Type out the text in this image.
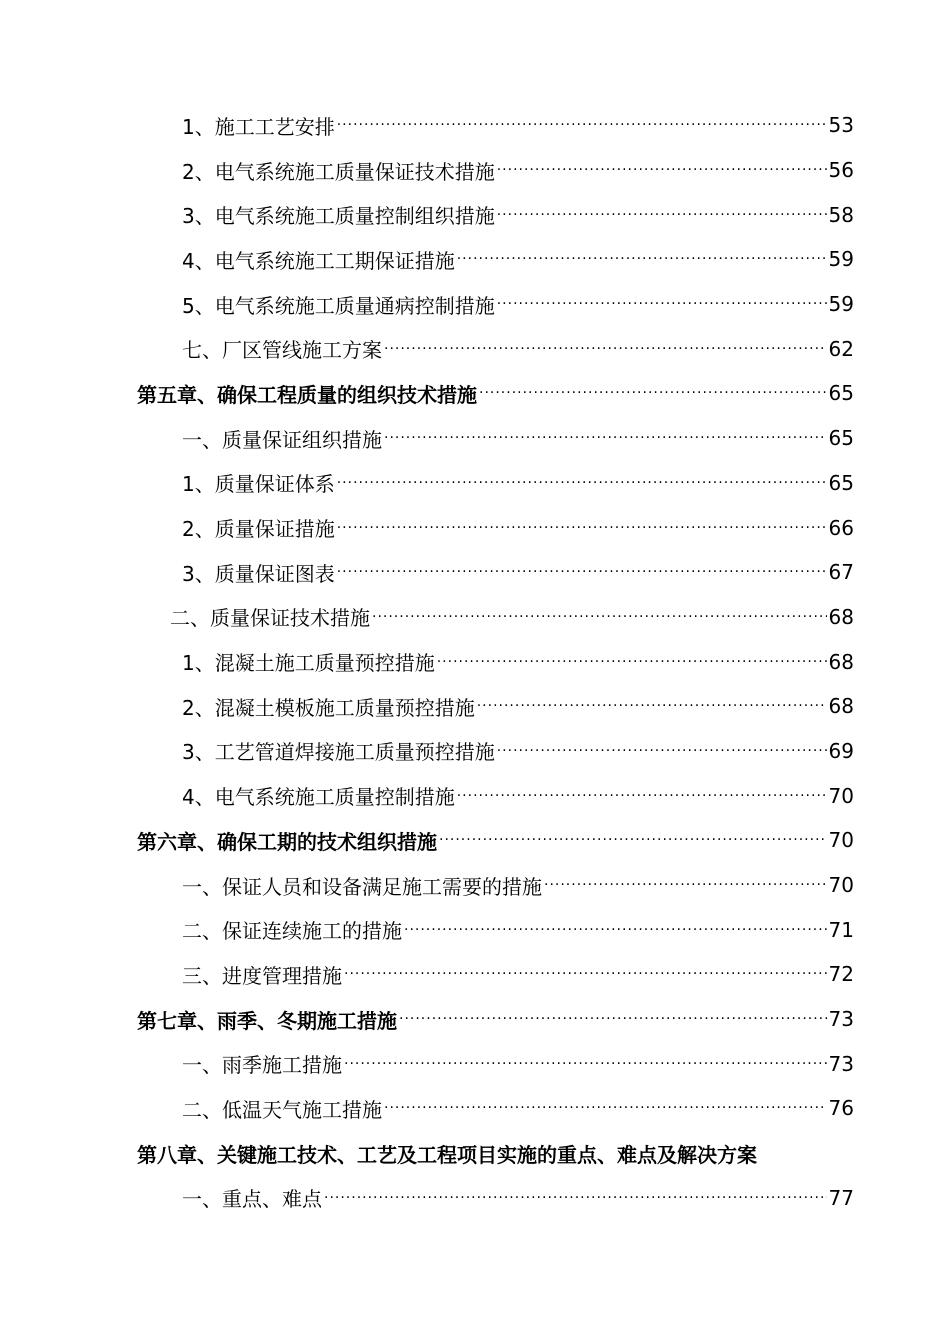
1、施工工艺安排 ·····	53
2、电气系统施工质量保证技术措施 ·····	56
3、电气系统施工质量控制组织措施 ·····	58
4、电气系统施工工期保证措施 ·····	59
5、电气系统施工质量通病控制措施 ·····	59
七、厂区管线施工方案 ·····	62
第五章、确保工程质量的组织技术措施 ·····	65
一、质量保证组织措施 ·····	65
1、质量保证体系 ·····	65
2、质量保证措施 ·····	66
3、质量保证图表 ·····	67
二、质量保证技术措施 ·····	68
1、混凝土施工质量预控措施 ·····	68
2、混凝土模板施工质量预控措施 ·····	68
3、工艺管道焊接施工质量预控措施 ·····	69
4、电气系统施工质量控制措施 ·····	70
第六章、确保工期的技术组织措施 ·····	70
一、保证人员和设备满足施工需要的措施 ·····	70
二、保证连续施工的措施 ·····	71
三、进度管理措施 ·····	72
第七章、雨季、冬期施工措施 ·····	73
一、雨季施工措施 ·····	73
二、低温天气施工措施 ·····	76
第八章、关键施工技术、工艺及工程项目实施的重点、难点及解决方案
一、重点、难点 ·····	77
